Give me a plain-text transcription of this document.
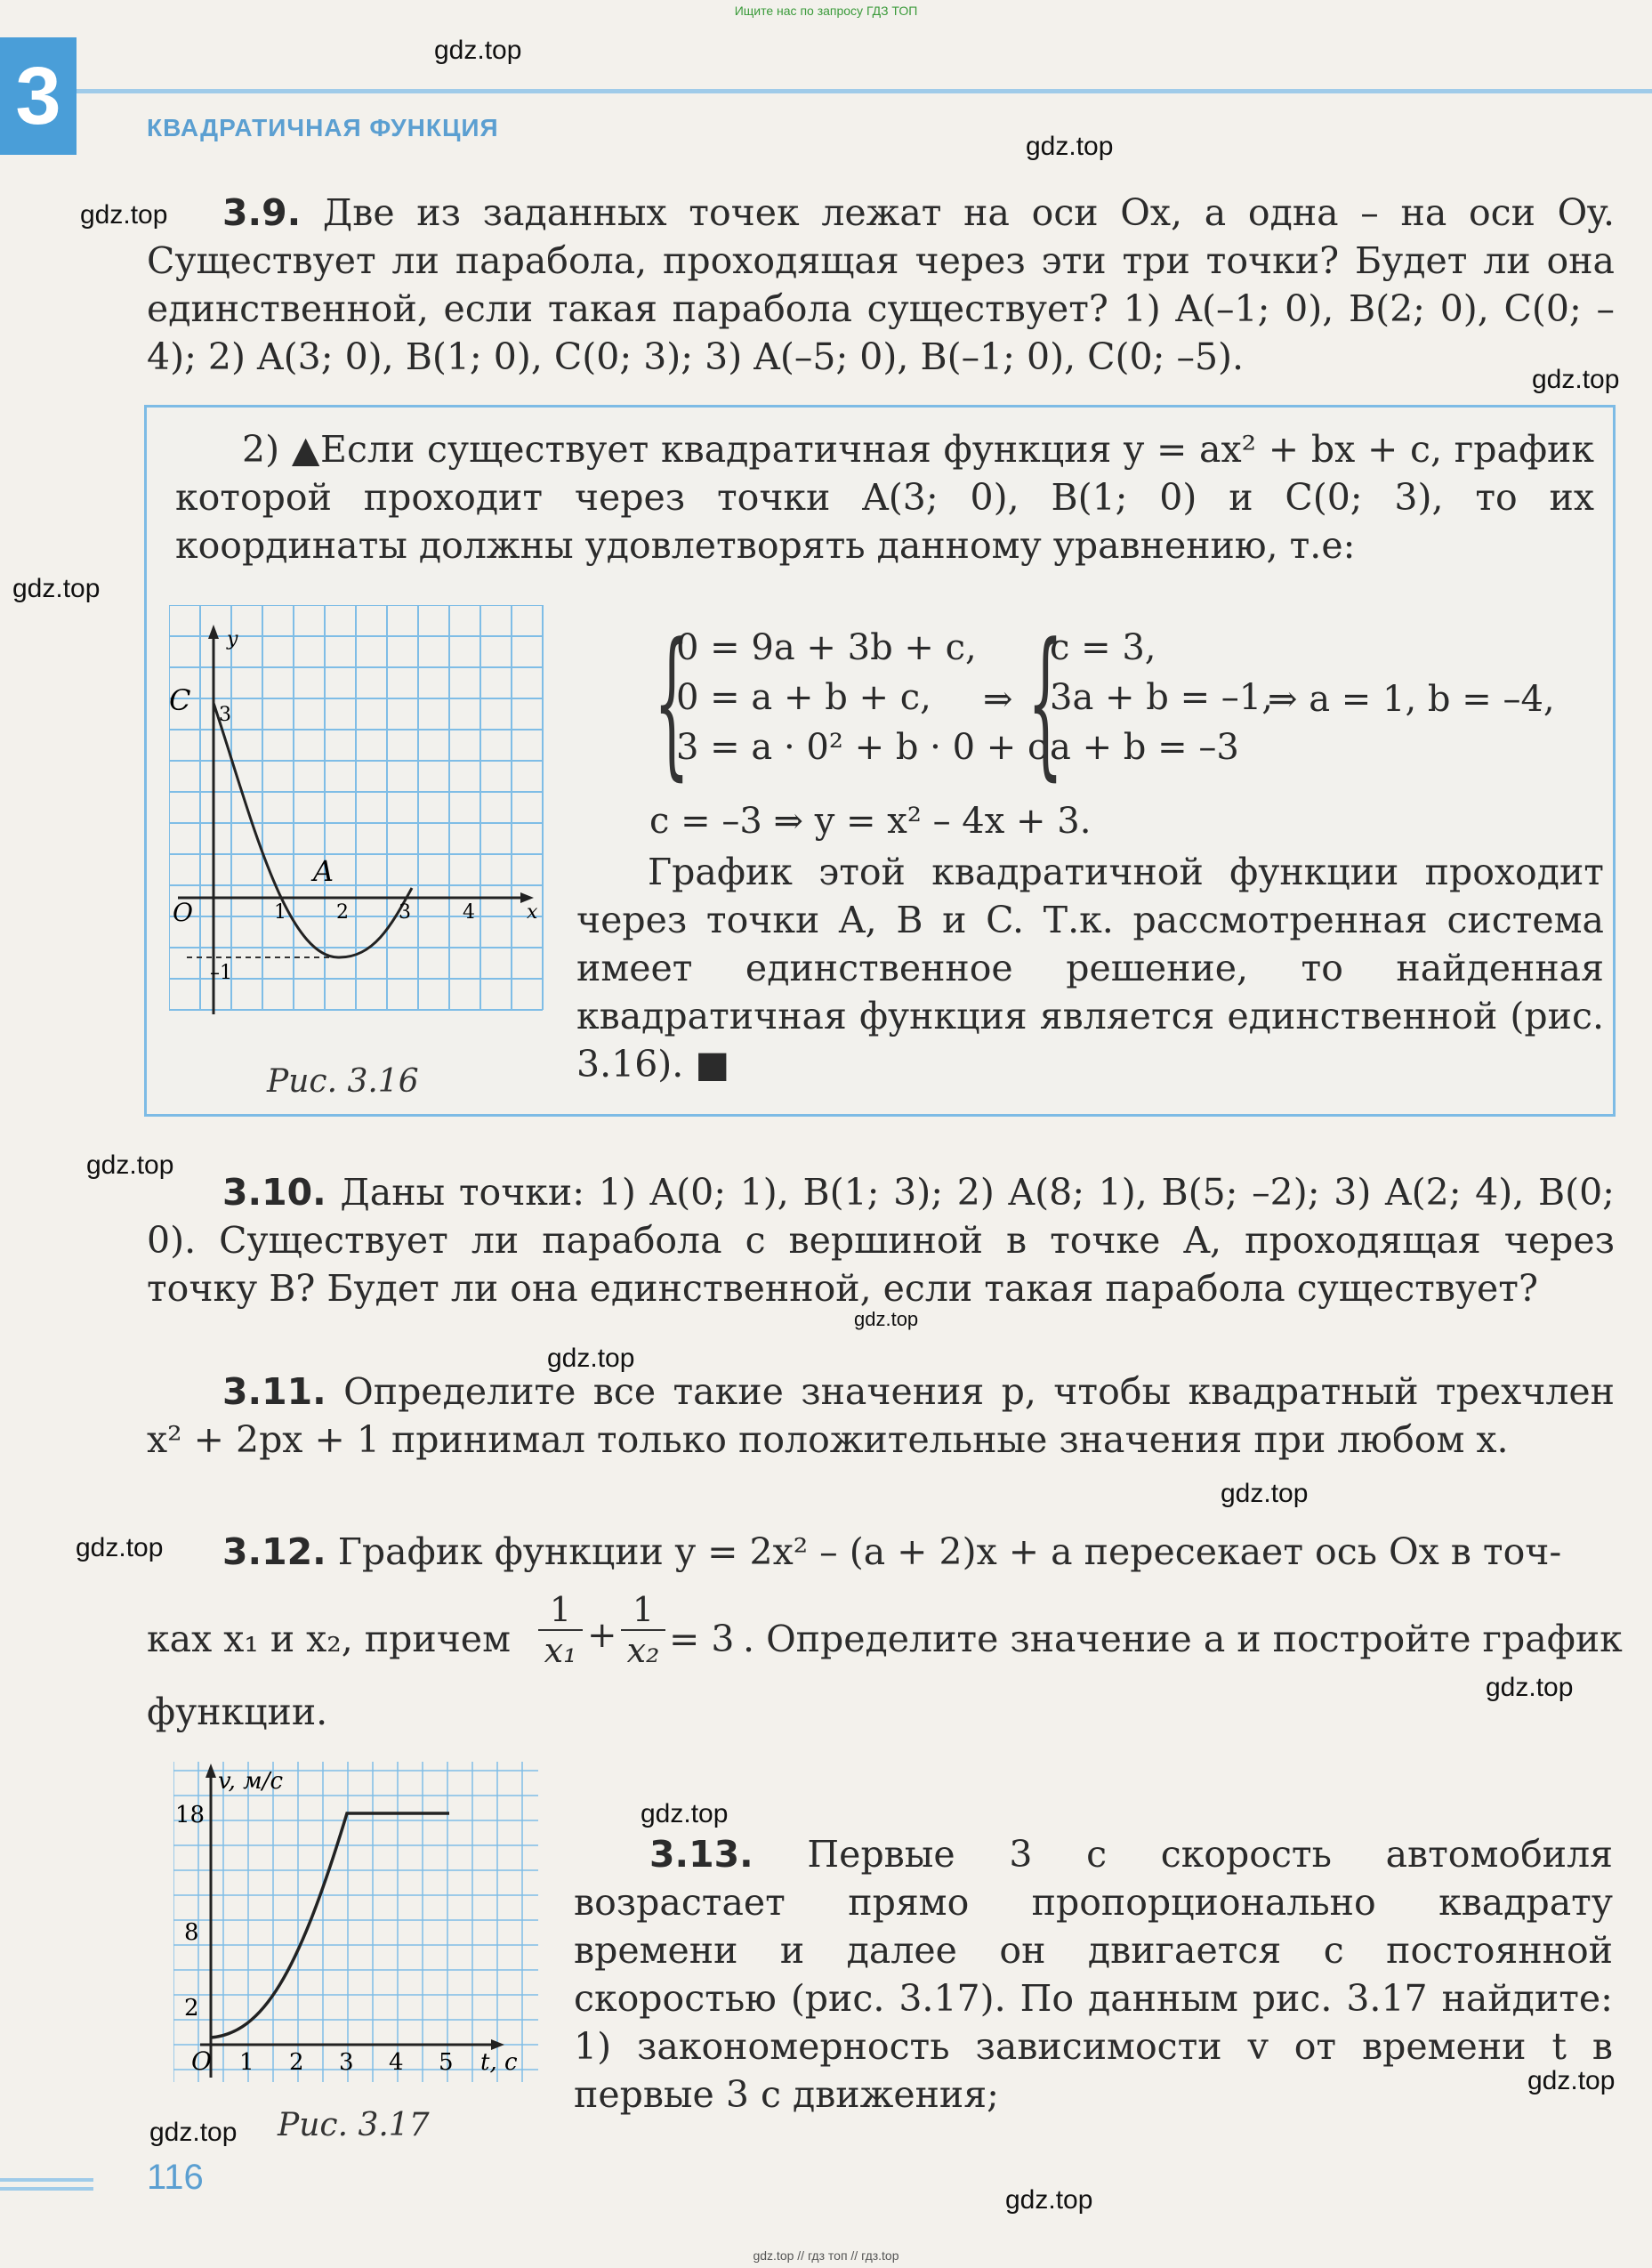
Ищите нас по запросу ГДЗ ТОП
3	КВАДРАТИЧНАЯ ФУНКЦИЯ
gdz.top
gdz.top
gdz.top
gdz.top
gdz.top
gdz.top
gdz.top
gdz.top
gdz.top
gdz.top
gdz.top
gdz.top
gdz.top
gdz.top
gdz.top
3.9. Две из заданных точек лежат на оси Ox, а одна – на оси Oy. Существует ли парабола, проходящая через эти три точки? Будет ли она единственной, если такая парабола существует? 1) A(–1; 0), B(2; 0), C(0; –4); 2) A(3; 0), B(1; 0), C(0; 3); 3) A(–5; 0), B(–1; 0), C(0; –5).
2) ▲Если существует квадратичная функция y = ax² + bx + c, график которой проходит через точки A(3; 0), B(1; 0) и C(0; 3), то их координаты должны удовлетворять данному уравнению, т.е:
y
x
O
C
A
1	2	3	4
3
–1
Рис. 3.16
{
0 = 9a + 3b + c,
0 = a + b + c,
3 = a · 0² + b · 0 + c
⇒ {
c = 3,
3a + b = –1,
a + b = –3
⇒ a = 1, b = –4,
c = –3 ⇒ y = x² – 4x + 3.
График этой квадратичной функции проходит через точки A, B и C. Т.к. рассмотренная система имеет единственное решение, то найденная квадратичная функция является единственной (рис. 3.16). ■
3.10. Даны точки: 1) A(0; 1), B(1; 3); 2) A(8; 1), B(5; –2); 3) A(2; 4), B(0; 0). Существует ли парабола с вершиной в точке A, проходящая через точку B? Будет ли она единственной, если такая парабола существует?
3.11. Определите все такие значения p, чтобы квадратный трехчлен x² + 2px + 1 принимал только положительные значения при любом x.
3.12. График функции y = 2x² – (a + 2)x + a пересекает ось Ox в точ-
ках x₁ и x₂, причем $\frac{1}{\text{x₁}} + \frac{1}{\text{x₂}} = 3$ . Определите значение a и постройте график
функции.
v, м/с
t, с
O 1 2 3 4 5
18
8
2
Рис. 3.17
3.13. Первые 3 с скорость автомобиля возрастает прямо пропорционально квадрату времени и далее он двигается с постоянной скоростью (рис. 3.17). По данным рис. 3.17 найдите: 1) закономерность зависимости v от времени t в первые 3 с движения;
116
gdz.top // гдз топ // гдз.top
